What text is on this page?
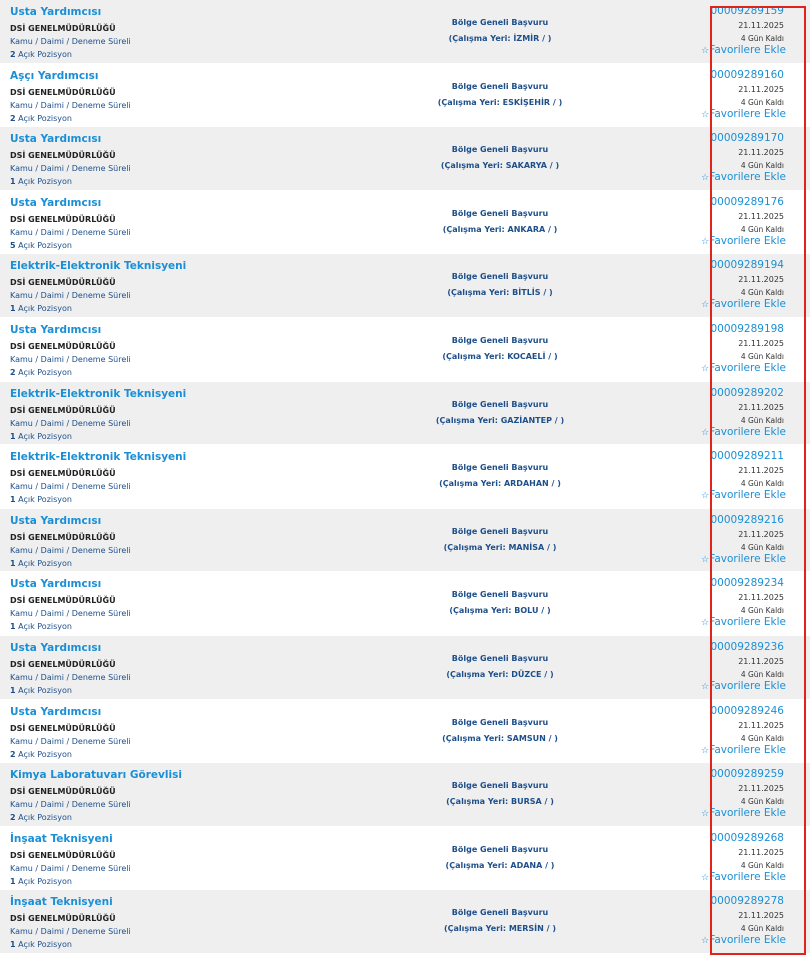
Usta Yardımcısı
DSİ GENELMÜDÜRLÜĞÜ
Kamu / Daimi / Deneme Süreli
2 Açık Pozisyon
Bölge Geneli Başvuru
(Çalışma Yeri: İZMİR / )
00009289159
21.11.2025
4 Gün Kaldı
☆Favorilere Ekle
Aşçı Yardımcısı
DSİ GENELMÜDÜRLÜĞÜ
Kamu / Daimi / Deneme Süreli
2 Açık Pozisyon
Bölge Geneli Başvuru
(Çalışma Yeri: ESKİŞEHİR / )
00009289160
21.11.2025
4 Gün Kaldı
☆Favorilere Ekle
Usta Yardımcısı
DSİ GENELMÜDÜRLÜĞÜ
Kamu / Daimi / Deneme Süreli
1 Açık Pozisyon
Bölge Geneli Başvuru
(Çalışma Yeri: SAKARYA / )
00009289170
21.11.2025
4 Gün Kaldı
☆Favorilere Ekle
Usta Yardımcısı
DSİ GENELMÜDÜRLÜĞÜ
Kamu / Daimi / Deneme Süreli
5 Açık Pozisyon
Bölge Geneli Başvuru
(Çalışma Yeri: ANKARA / )
00009289176
21.11.2025
4 Gün Kaldı
☆Favorilere Ekle
Elektrik-Elektronik Teknisyeni
DSİ GENELMÜDÜRLÜĞÜ
Kamu / Daimi / Deneme Süreli
1 Açık Pozisyon
Bölge Geneli Başvuru
(Çalışma Yeri: BİTLİS / )
00009289194
21.11.2025
4 Gün Kaldı
☆Favorilere Ekle
Usta Yardımcısı
DSİ GENELMÜDÜRLÜĞÜ
Kamu / Daimi / Deneme Süreli
2 Açık Pozisyon
Bölge Geneli Başvuru
(Çalışma Yeri: KOCAELİ / )
00009289198
21.11.2025
4 Gün Kaldı
☆Favorilere Ekle
Elektrik-Elektronik Teknisyeni
DSİ GENELMÜDÜRLÜĞÜ
Kamu / Daimi / Deneme Süreli
1 Açık Pozisyon
Bölge Geneli Başvuru
(Çalışma Yeri: GAZİANTEP / )
00009289202
21.11.2025
4 Gün Kaldı
☆Favorilere Ekle
Elektrik-Elektronik Teknisyeni
DSİ GENELMÜDÜRLÜĞÜ
Kamu / Daimi / Deneme Süreli
1 Açık Pozisyon
Bölge Geneli Başvuru
(Çalışma Yeri: ARDAHAN / )
00009289211
21.11.2025
4 Gün Kaldı
☆Favorilere Ekle
Usta Yardımcısı
DSİ GENELMÜDÜRLÜĞÜ
Kamu / Daimi / Deneme Süreli
1 Açık Pozisyon
Bölge Geneli Başvuru
(Çalışma Yeri: MANİSA / )
00009289216
21.11.2025
4 Gün Kaldı
☆Favorilere Ekle
Usta Yardımcısı
DSİ GENELMÜDÜRLÜĞÜ
Kamu / Daimi / Deneme Süreli
1 Açık Pozisyon
Bölge Geneli Başvuru
(Çalışma Yeri: BOLU / )
00009289234
21.11.2025
4 Gün Kaldı
☆Favorilere Ekle
Usta Yardımcısı
DSİ GENELMÜDÜRLÜĞÜ
Kamu / Daimi / Deneme Süreli
1 Açık Pozisyon
Bölge Geneli Başvuru
(Çalışma Yeri: DÜZCE / )
00009289236
21.11.2025
4 Gün Kaldı
☆Favorilere Ekle
Usta Yardımcısı
DSİ GENELMÜDÜRLÜĞÜ
Kamu / Daimi / Deneme Süreli
2 Açık Pozisyon
Bölge Geneli Başvuru
(Çalışma Yeri: SAMSUN / )
00009289246
21.11.2025
4 Gün Kaldı
☆Favorilere Ekle
Kimya Laboratuvarı Görevlisi
DSİ GENELMÜDÜRLÜĞÜ
Kamu / Daimi / Deneme Süreli
2 Açık Pozisyon
Bölge Geneli Başvuru
(Çalışma Yeri: BURSA / )
00009289259
21.11.2025
4 Gün Kaldı
☆Favorilere Ekle
İnşaat Teknisyeni
DSİ GENELMÜDÜRLÜĞÜ
Kamu / Daimi / Deneme Süreli
1 Açık Pozisyon
Bölge Geneli Başvuru
(Çalışma Yeri: ADANA / )
00009289268
21.11.2025
4 Gün Kaldı
☆Favorilere Ekle
İnşaat Teknisyeni
DSİ GENELMÜDÜRLÜĞÜ
Kamu / Daimi / Deneme Süreli
1 Açık Pozisyon
Bölge Geneli Başvuru
(Çalışma Yeri: MERSİN / )
00009289278
21.11.2025
4 Gün Kaldı
☆Favorilere Ekle
